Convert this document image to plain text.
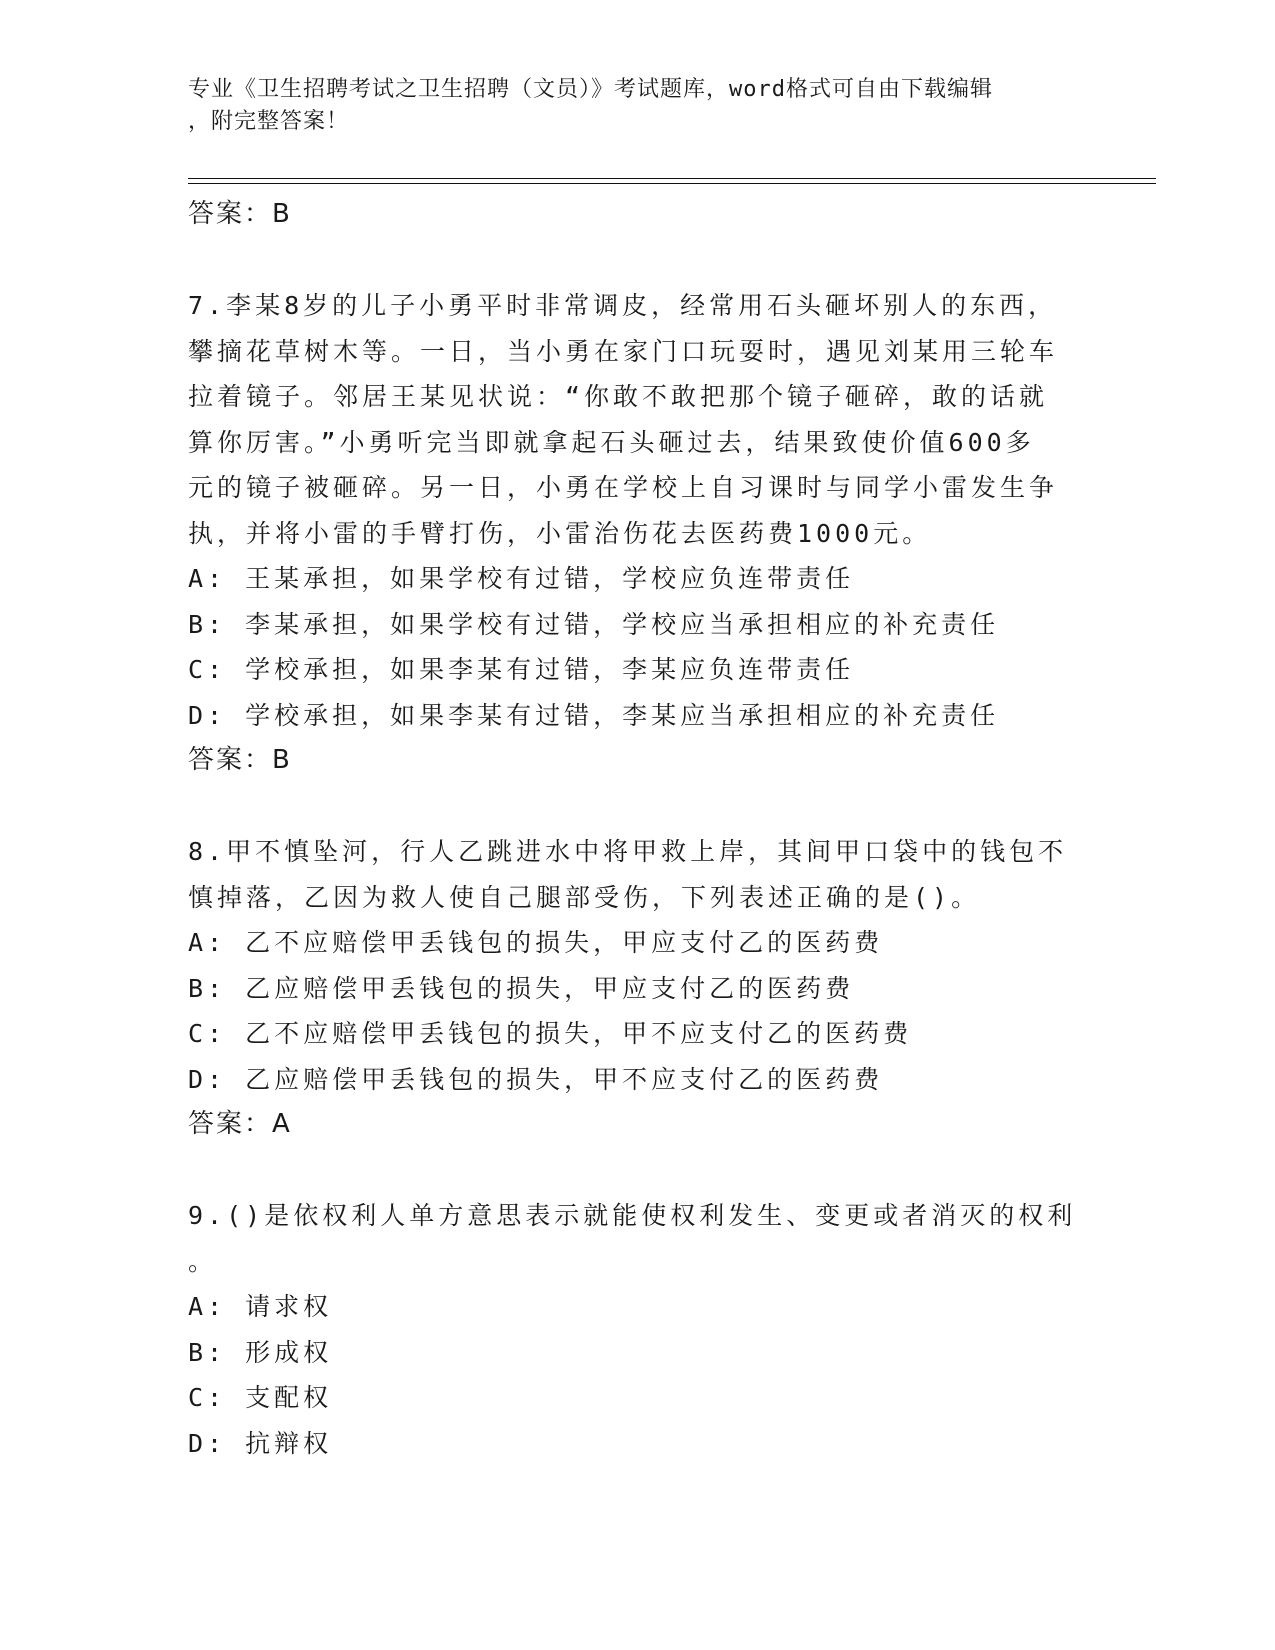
专业《卫生招聘考试之卫生招聘（文员）》考试题库，word格式可自由下载编辑
，附完整答案！
答案：B
7.李某8岁的儿子小勇平时非常调皮，经常用石头砸坏别人的东西，
攀摘花草树木等。一日，当小勇在家门口玩耍时，遇见刘某用三轮车
拉着镜子。邻居王某见状说：“你敢不敢把那个镜子砸碎，敢的话就
算你厉害。”小勇听完当即就拿起石头砸过去，结果致使价值600多
元的镜子被砸碎。另一日，小勇在学校上自习课时与同学小雷发生争
执，并将小雷的手臂打伤，小雷治伤花去医药费1000元。
A: 王某承担，如果学校有过错，学校应负连带责任
B: 李某承担，如果学校有过错，学校应当承担相应的补充责任
C: 学校承担，如果李某有过错，李某应负连带责任
D: 学校承担，如果李某有过错，李某应当承担相应的补充责任
答案：B
8.甲不慎坠河，行人乙跳进水中将甲救上岸，其间甲口袋中的钱包不
慎掉落，乙因为救人使自己腿部受伤，下列表述正确的是()。
A: 乙不应赔偿甲丢钱包的损失，甲应支付乙的医药费
B: 乙应赔偿甲丢钱包的损失，甲应支付乙的医药费
C: 乙不应赔偿甲丢钱包的损失，甲不应支付乙的医药费
D: 乙应赔偿甲丢钱包的损失，甲不应支付乙的医药费
答案：A
9.()是依权利人单方意思表示就能使权利发生、变更或者消灭的权利
。
A: 请求权
B: 形成权
C: 支配权
D: 抗辩权
